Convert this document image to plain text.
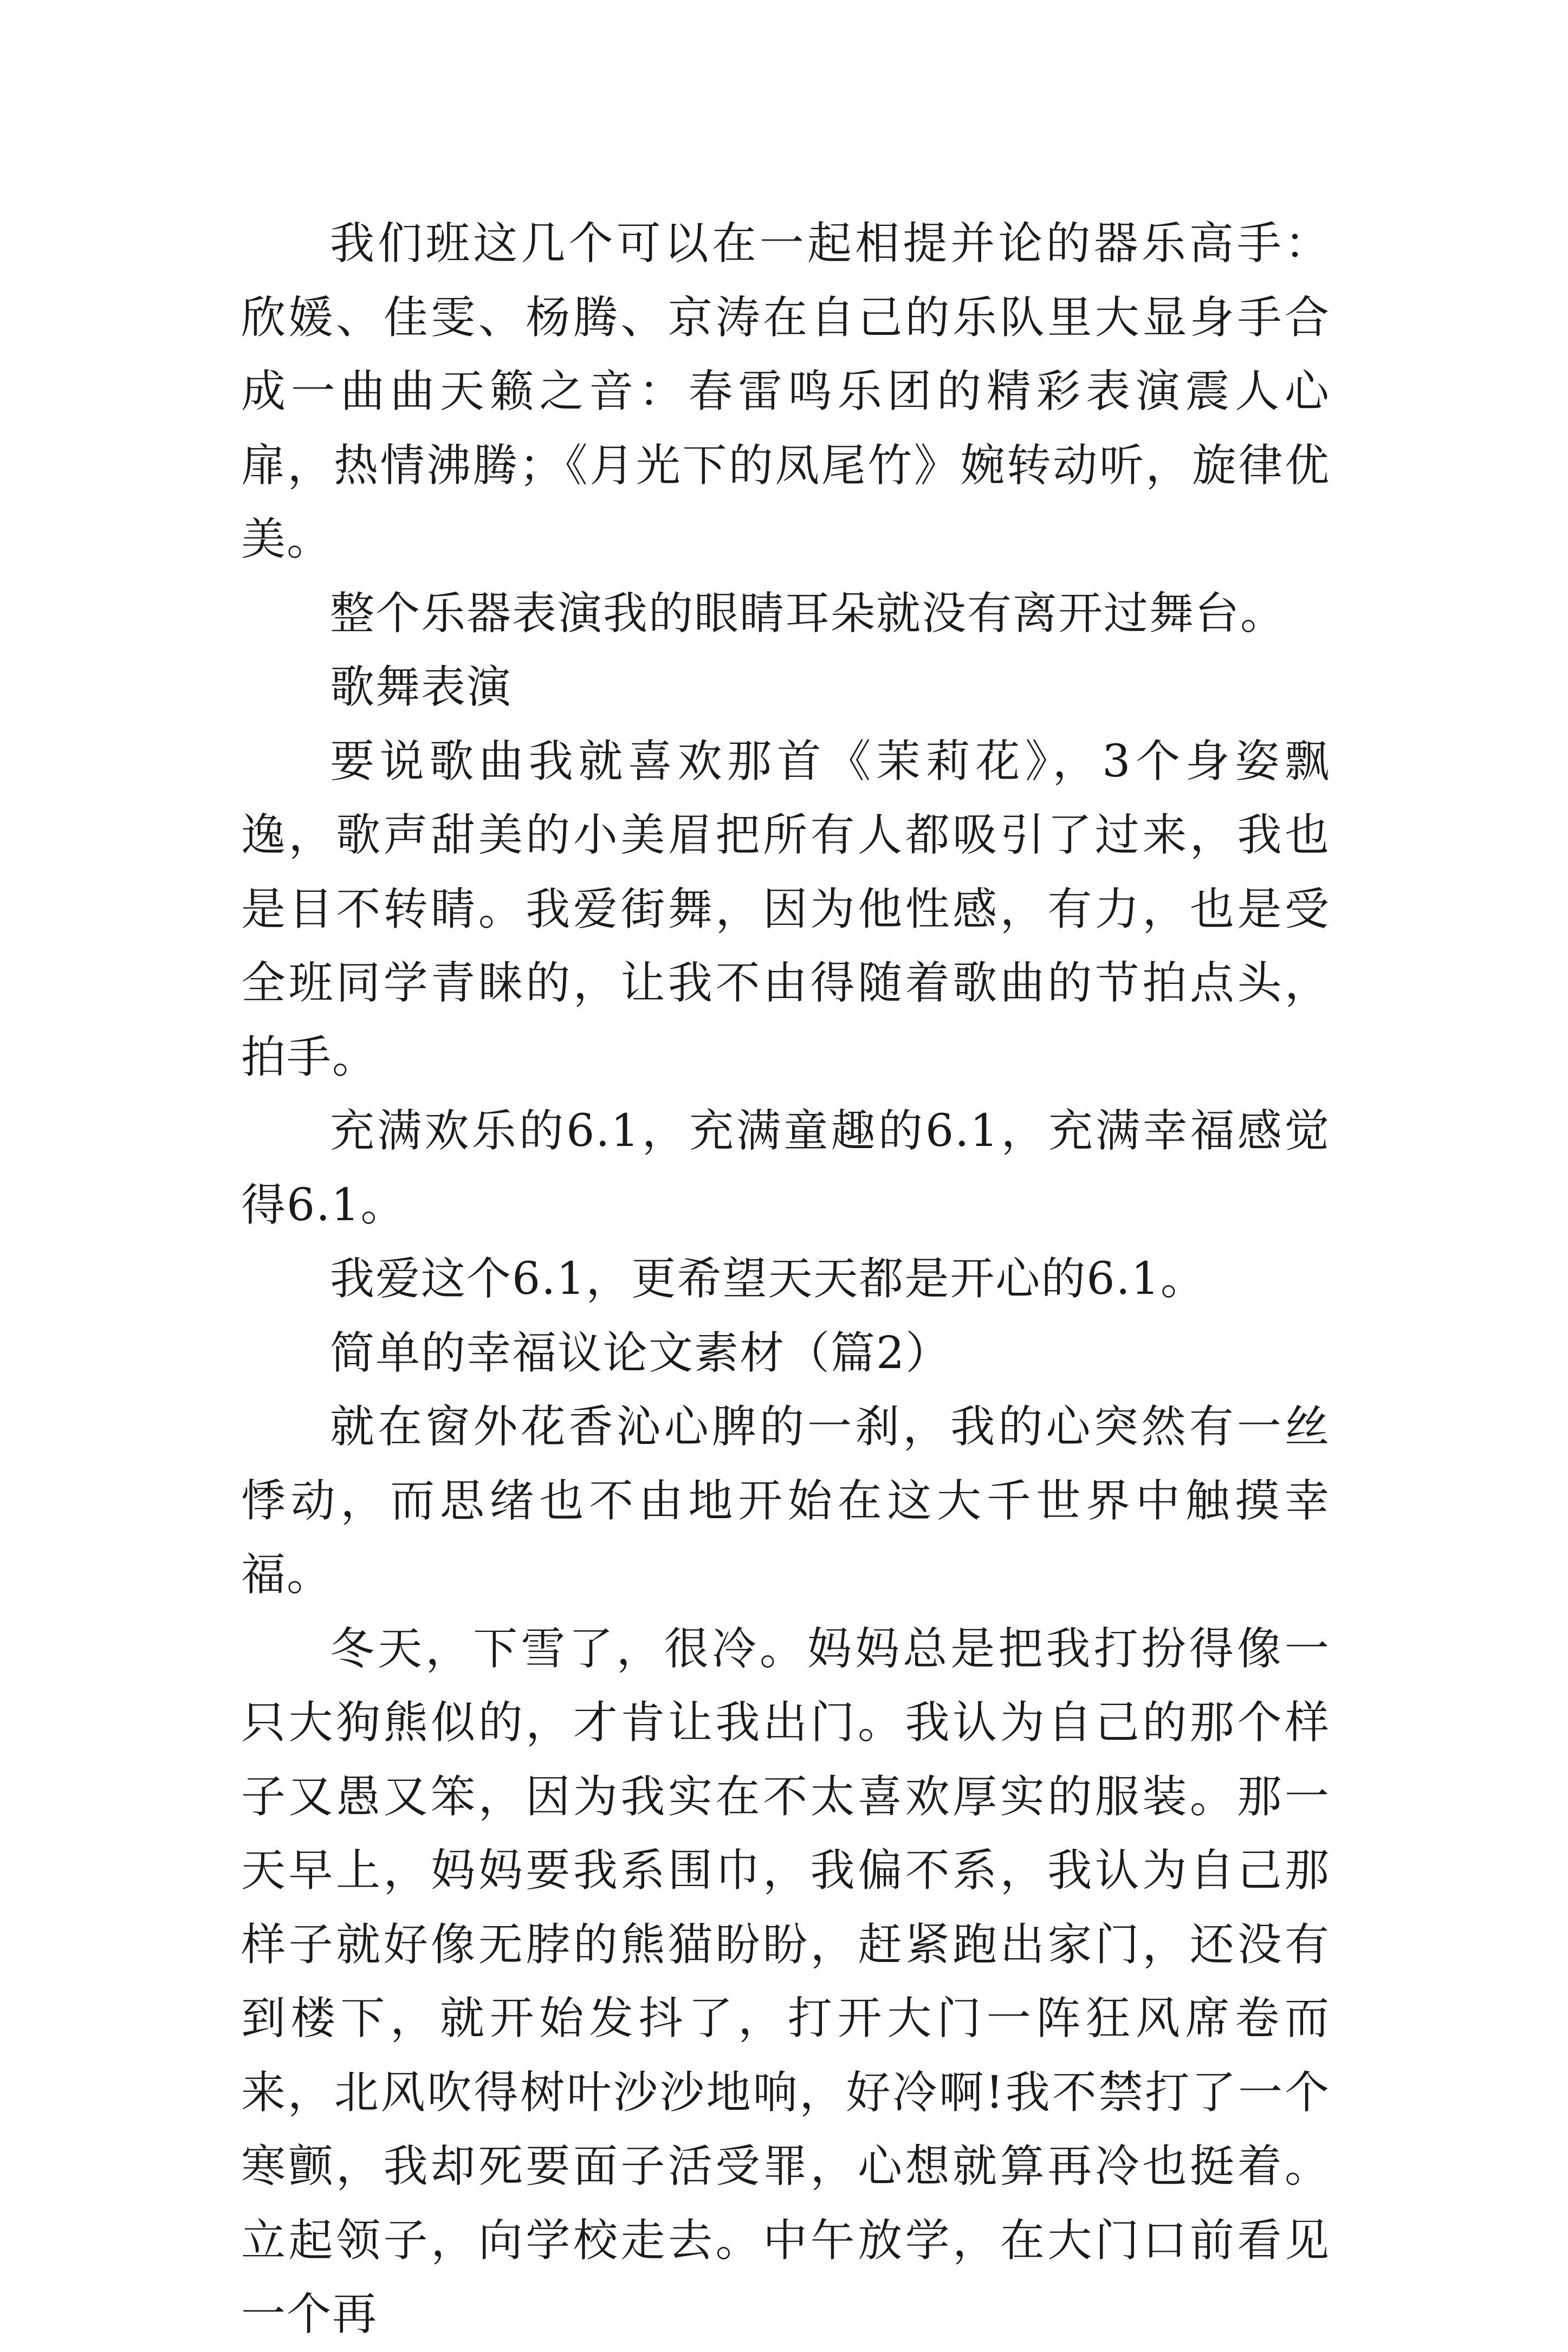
我们班这几个可以在一起相提并论的器乐高手：欣媛、佳雯、杨腾、京涛在自己的乐队里大显身手合成一曲曲天籁之音：春雷鸣乐团的精彩表演震人心扉，热情沸腾；《月光下的凤尾竹》婉转动听，旋律优美。

整个乐器表演我的眼睛耳朵就没有离开过舞台。

歌舞表演

要说歌曲我就喜欢那首《茉莉花》，3个身姿飘逸，歌声甜美的小美眉把所有人都吸引了过来，我也是目不转睛。我爱街舞，因为他性感，有力，也是受全班同学青睐的，让我不由得随着歌曲的节拍点头，拍手。

充满欢乐的6.1，充满童趣的6.1，充满幸福感觉得6.1。

我爱这个6.1，更希望天天都是开心的6.1。

简单的幸福议论文素材（篇2）

就在窗外花香沁心脾的一刹，我的心突然有一丝悸动，而思绪也不由地开始在这大千世界中触摸幸福。

冬天，下雪了，很冷。妈妈总是把我打扮得像一只大狗熊似的，才肯让我出门。我认为自己的那个样子又愚又笨，因为我实在不太喜欢厚实的服装。那一天早上，妈妈要我系围巾，我偏不系，我认为自己那样子就好像无脖的熊猫盼盼，赶紧跑出家门，还没有到楼下，就开始发抖了，打开大门一阵狂风席卷而来，北风吹得树叶沙沙地响，好冷啊!我不禁打了一个寒颤，我却死要面子活受罪，心想就算再冷也挺着。立起领子，向学校走去。中午放学，在大门口前看见一个再
